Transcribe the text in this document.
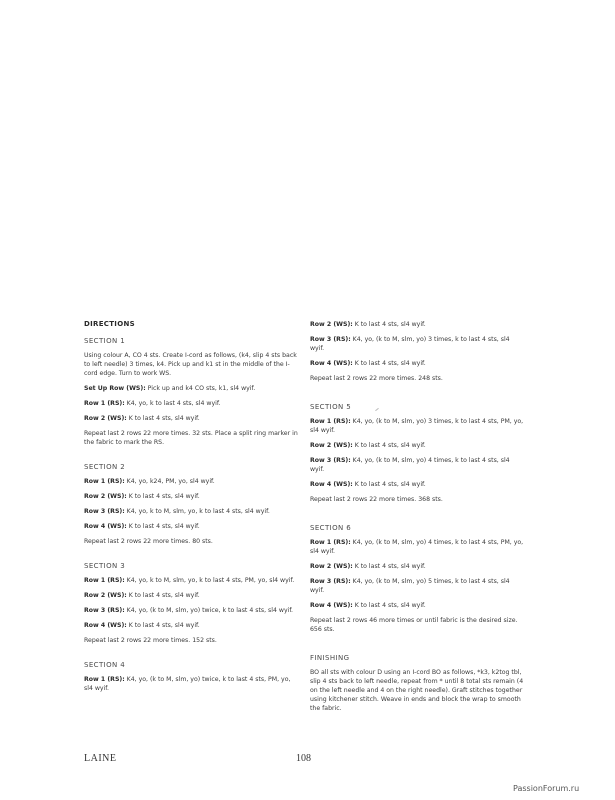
DIRECTIONS
SECTION 1
Using colour A, CO 4 sts. Create I-cord as follows, (k4, slip 4 sts back to left needle) 3 times, k4. Pick up and k1 st in the middle of the I-cord edge. Turn to work WS.
Set Up Row (WS): Pick up and k4 CO sts, k1, sl4 wyif.
Row 1 (RS): K4, yo, k to last 4 sts, sl4 wyif.
Row 2 (WS): K to last 4 sts, sl4 wyif.
Repeat last 2 rows 22 more times. 32 sts. Place a split ring marker in the fabric to mark the RS.
SECTION 2
Row 1 (RS): K4, yo, k24, PM, yo, sl4 wyif.
Row 2 (WS): K to last 4 sts, sl4 wyif.
Row 3 (RS): K4, yo, k to M, slm, yo, k to last 4 sts, sl4 wyif.
Row 4 (WS): K to last 4 sts, sl4 wyif.
Repeat last 2 rows 22 more times. 80 sts.
SECTION 3
Row 1 (RS): K4, yo, k to M, slm, yo, k to last 4 sts, PM, yo, sl4 wyif.
Row 2 (WS): K to last 4 sts, sl4 wyif.
Row 3 (RS): K4, yo, (k to M, slm, yo) twice, k to last 4 sts, sl4 wyif.
Row 4 (WS): K to last 4 sts, sl4 wyif.
Repeat last 2 rows 22 more times. 152 sts.
SECTION 4
Row 1 (RS): K4, yo, (k to M, slm, yo) twice, k to last 4 sts, PM, yo, sl4 wyif.
Row 2 (WS): K to last 4 sts, sl4 wyif.
Row 3 (RS): K4, yo, (k to M, slm, yo) 3 times, k to last 4 sts, sl4 wyif.
Row 4 (WS): K to last 4 sts, sl4 wyif.
Repeat last 2 rows 22 more times. 248 sts.
SECTION 5
Row 1 (RS): K4, yo, (k to M, slm, yo) 3 times, k to last 4 sts, PM, yo, sl4 wyif.
Row 2 (WS): K to last 4 sts, sl4 wyif.
Row 3 (RS): K4, yo, (k to M, slm, yo) 4 times, k to last 4 sts, sl4 wyif.
Row 4 (WS): K to last 4 sts, sl4 wyif.
Repeat last 2 rows 22 more times. 368 sts.
SECTION 6
Row 1 (RS): K4, yo, (k to M, slm, yo) 4 times, k to last 4 sts, PM, yo, sl4 wyif.
Row 2 (WS): K to last 4 sts, sl4 wyif.
Row 3 (RS): K4, yo, (k to M, slm, yo) 5 times, k to last 4 sts, sl4 wyif.
Row 4 (WS): K to last 4 sts, sl4 wyif.
Repeat last 2 rows 46 more times or until fabric is the desired size. 656 sts.
FINISHING
BO all sts with colour D using an I-cord BO as follows, *k3, k2tog tbl, slip 4 sts back to left needle, repeat from * until 8 total sts remain (4 on the left needle and 4 on the right needle). Graft stitches together using kitchener stitch. Weave in ends and block the wrap to smooth the fabric.
LAINE	108
PassionForum.ru
